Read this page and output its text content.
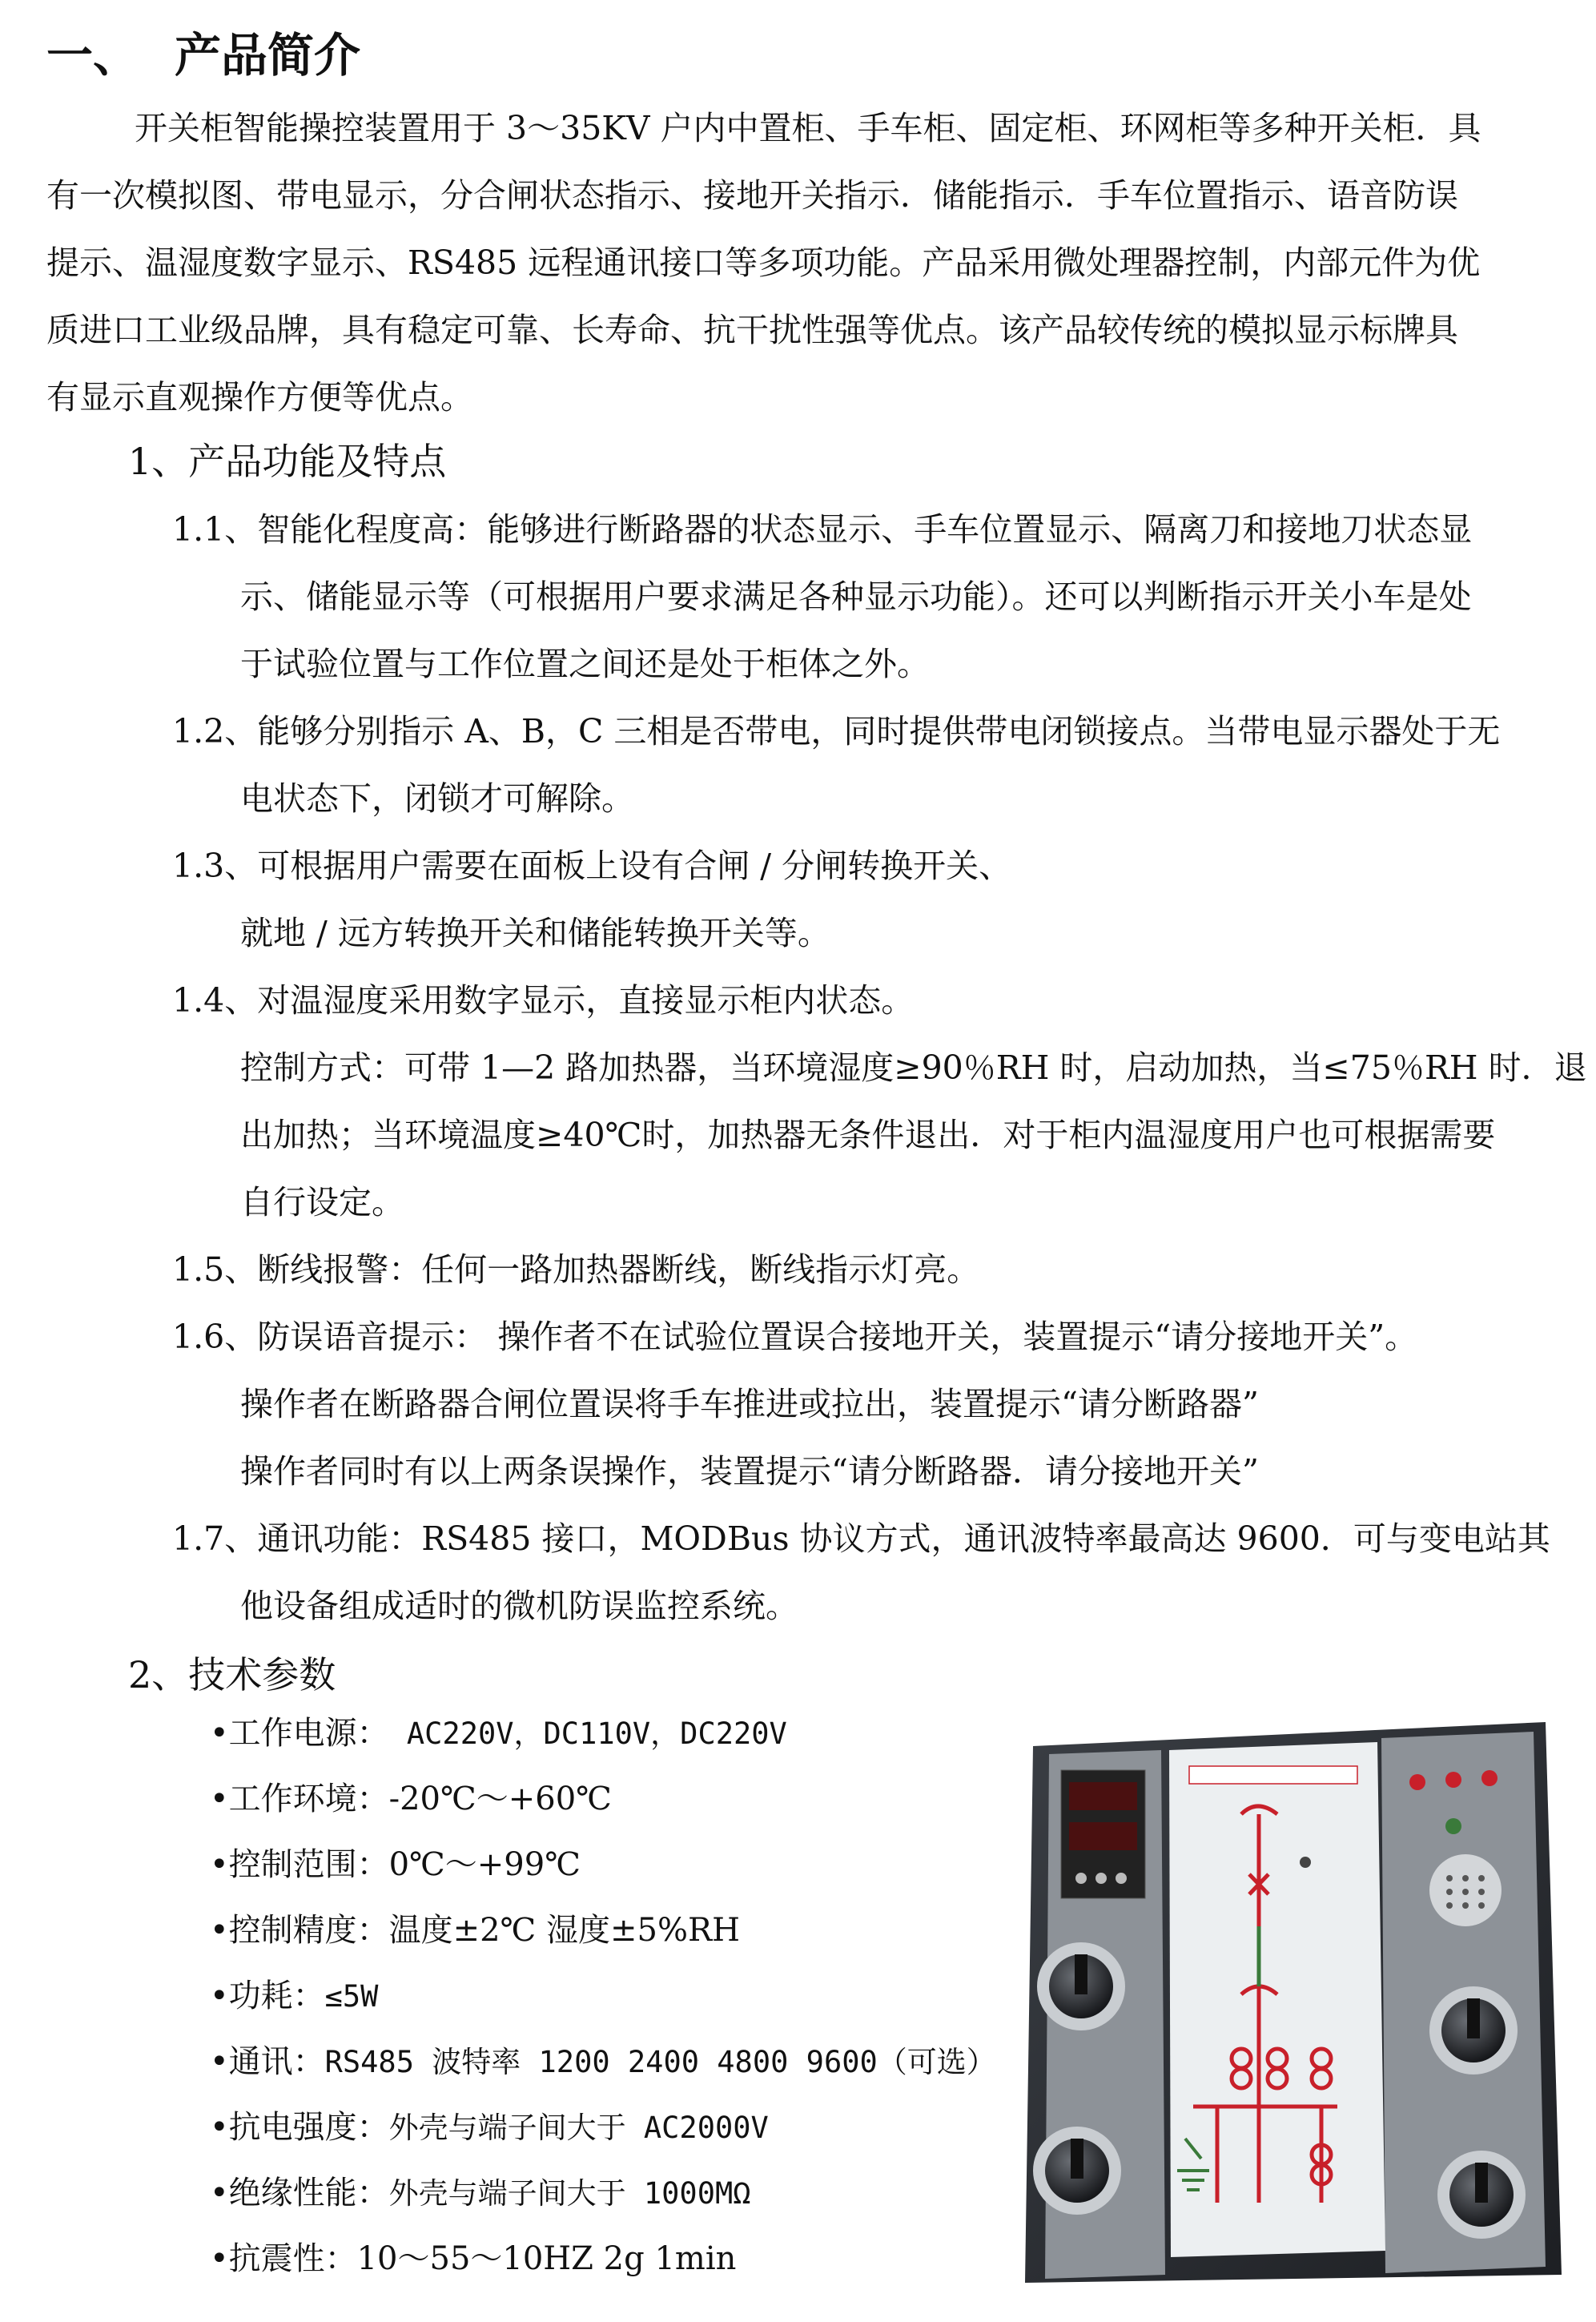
一、 产品简介
开关柜智能操控装置用于 3～35KV 户内中置柜、手车柜、固定柜、环网柜等多种开关柜．具
有一次模拟图、带电显示，分合闸状态指示、接地开关指示．储能指示．手车位置指示、语音防误
提示、温湿度数字显示、RS485 远程通讯接口等多项功能。产品采用微处理器控制，内部元件为优
质进口工业级品牌，具有稳定可靠、长寿命、抗干扰性强等优点。该产品较传统的模拟显示标牌具
有显示直观操作方便等优点。
1、产品功能及特点
1.1、智能化程度高：能够进行断路器的状态显示、手车位置显示、隔离刀和接地刀状态显
示、储能显示等（可根据用户要求满足各种显示功能）。还可以判断指示开关小车是处
于试验位置与工作位置之间还是处于柜体之外。
1.2、能够分别指示 A、B，C 三相是否带电，同时提供带电闭锁接点。当带电显示器处于无
电状态下，闭锁才可解除。
1.3、可根据用户需要在面板上设有合闸 / 分闸转换开关、
就地 / 远方转换开关和储能转换开关等。
1.4、对温湿度采用数字显示，直接显示柜内状态。
控制方式：可带 1—2 路加热器，当环境湿度≥90％RH 时，启动加热，当≤75％RH 时．退
出加热；当环境温度≥40℃时，加热器无条件退出．对于柜内温湿度用户也可根据需要
自行设定。
1.5、断线报警：任何一路加热器断线，断线指示灯亮。
1.6、防误语音提示： 操作者不在试验位置误合接地开关，装置提示“请分接地开关”。
操作者在断路器合闸位置误将手车推进或拉出，装置提示“请分断路器”
操作者同时有以上两条误操作，装置提示“请分断路器．请分接地开关”
1.7、通讯功能：RS485 接口，MODBus 协议方式，通讯波特率最高达 9600．可与变电站其
他设备组成适时的微机防误监控系统。
2、技术参数
•工作电源： AC220V，DC110V，DC220V
•工作环境：-20℃～+60℃
•控制范围：0℃～+99℃
•控制精度：温度±2℃ 湿度±5%RH
•功耗：≤5W
•通讯：RS485 波特率 1200 2400 4800 9600（可选）
•抗电强度：外壳与端子间大于 AC2000V
•绝缘性能：外壳与端子间大于 1000MΩ
•抗震性：10～55～10HZ 2g 1min
